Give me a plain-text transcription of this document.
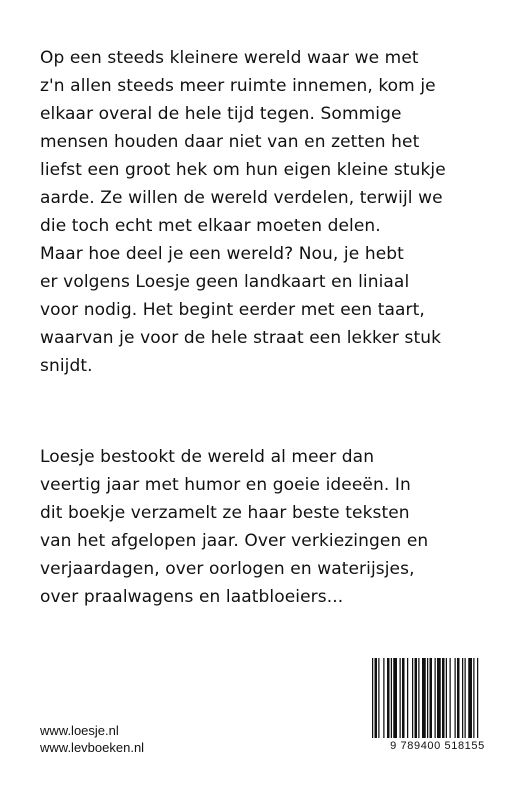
Op een steeds kleinere wereld waar we met
z'n allen steeds meer ruimte innemen, kom je
elkaar overal de hele tijd tegen. Sommige
mensen houden daar niet van en zetten het
liefst een groot hek om hun eigen kleine stukje
aarde. Ze willen de wereld verdelen, terwijl we
die toch echt met elkaar moeten delen.
Maar hoe deel je een wereld? Nou, je hebt
er volgens Loesje geen landkaart en liniaal
voor nodig. Het begint eerder met een taart,
waarvan je voor de hele straat een lekker stuk
snijdt.
Loesje bestookt de wereld al meer dan
veertig jaar met humor en goeie ideeën. In
dit boekje verzamelt ze haar beste teksten
van het afgelopen jaar. Over verkiezingen en
verjaardagen, over oorlogen en waterijsjes,
over praalwagens en laatbloeiers...
www.loesje.nl
www.levboeken.nl	9 789400 518155
